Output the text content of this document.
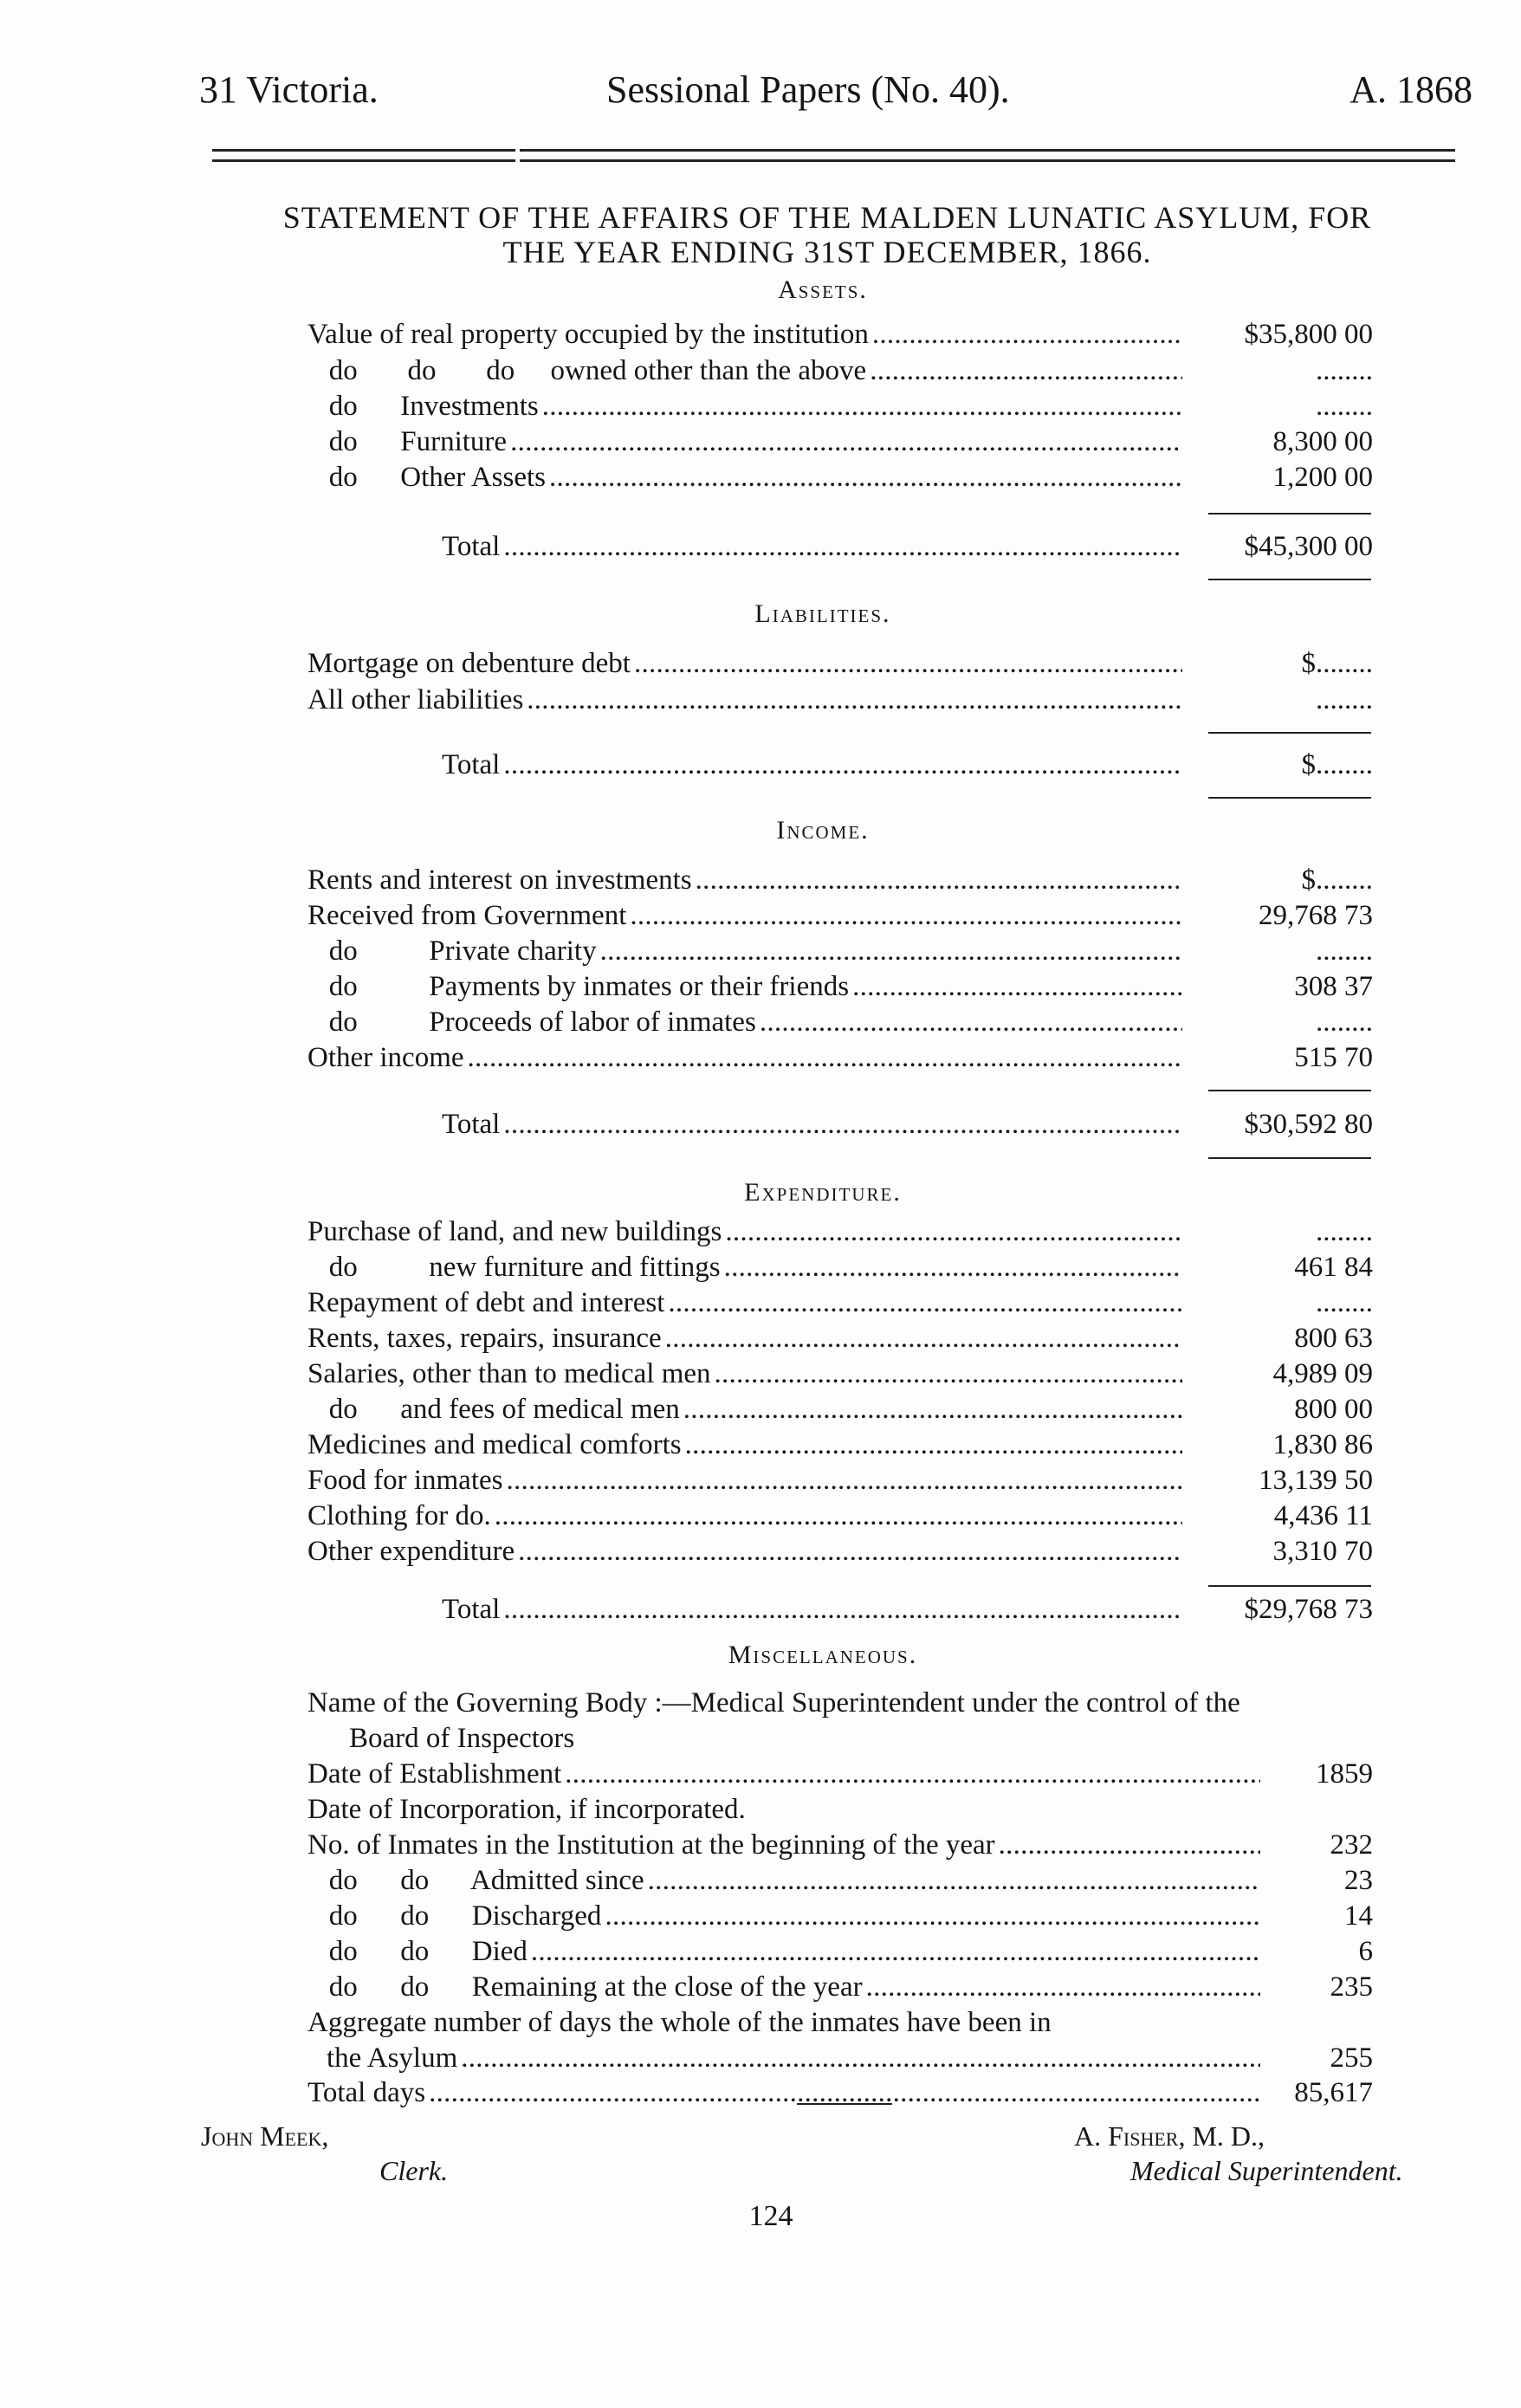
31 Victoria.	Sessional Papers (No. 40).	A. 1868
STATEMENT OF THE AFFAIRS OF THE MALDEN LUNATIC ASYLUM, FOR
THE YEAR ENDING 31ST DECEMBER, 1866.
Assets.
Value of real property occupied by the institution . . .	$35,800 00
do       do       do     owned other than the above . . .	........
do      Investments . . .	........
do      Furniture . . .	8,300 00
do      Other Assets . . .	1,200 00
Total . . .	$45,300 00
Liabilities.
Mortgage on debenture debt . . .	$........
All other liabilities . . .	........
Total . . .	$........
Income.
Rents and interest on investments . . .	$........
Received from Government . . .	29,768 73
do          Private charity . . .	........
do          Payments by inmates or their friends . . .	308 37
do          Proceeds of labor of inmates . . .	........
Other income . . .	515 70
Total . . .	$30,592 80
Expenditure.
Purchase of land, and new buildings . . .	........
do          new furniture and fittings . . .	461 84
Repayment of debt and interest . . .	........
Rents, taxes, repairs, insurance . . .	800 63
Salaries, other than to medical men . . .	4,989 09
do      and fees of medical men . . .	800 00
Medicines and medical comforts . . .	1,830 86
Food for inmates . . .	13,139 50
Clothing for do. . . .	4,436 11
Other expenditure . . .	3,310 70
Total . . .	$29,768 73
Miscellaneous.
Name of the Governing Body :—Medical Superintendent under the control of the
Board of Inspectors
Date of Establishment . . .	1859
Date of Incorporation, if incorporated.
No. of Inmates in the Institution at the beginning of the year . . .	232
do      do      Admitted since . . .	23
do      do      Discharged . . .	14
do      do      Died . . .	6
do      do      Remaining at the close of the year . . .	235
Aggregate number of days the whole of the inmates have been in
the Asylum . . .	255
Total days . . .	85,617
John Meek,
Clerk.
A. Fisher, M. D.,
Medical Superintendent.
124
